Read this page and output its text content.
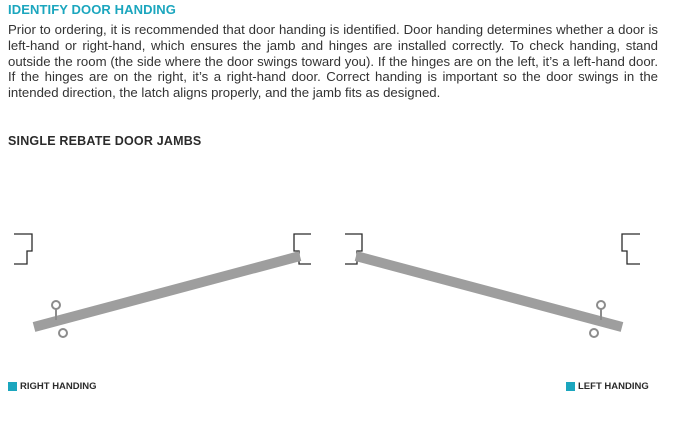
IDENTIFY DOOR HANDING
Prior to ordering, it is recommended that door handing is identified. Door handing determines whether a door is left-hand or right-hand, which ensures the jamb and hinges are installed correctly. To check handing, stand outside the room (the side where the door swings toward you). If the hinges are on the left, it’s a left-hand door. If the hinges are on the right, it’s a right-hand door. Correct handing is important so the door swings in the intended direction, the latch aligns properly, and the jamb fits as designed.
SINGLE REBATE DOOR JAMBS
RIGHT HANDING	LEFT HANDING
